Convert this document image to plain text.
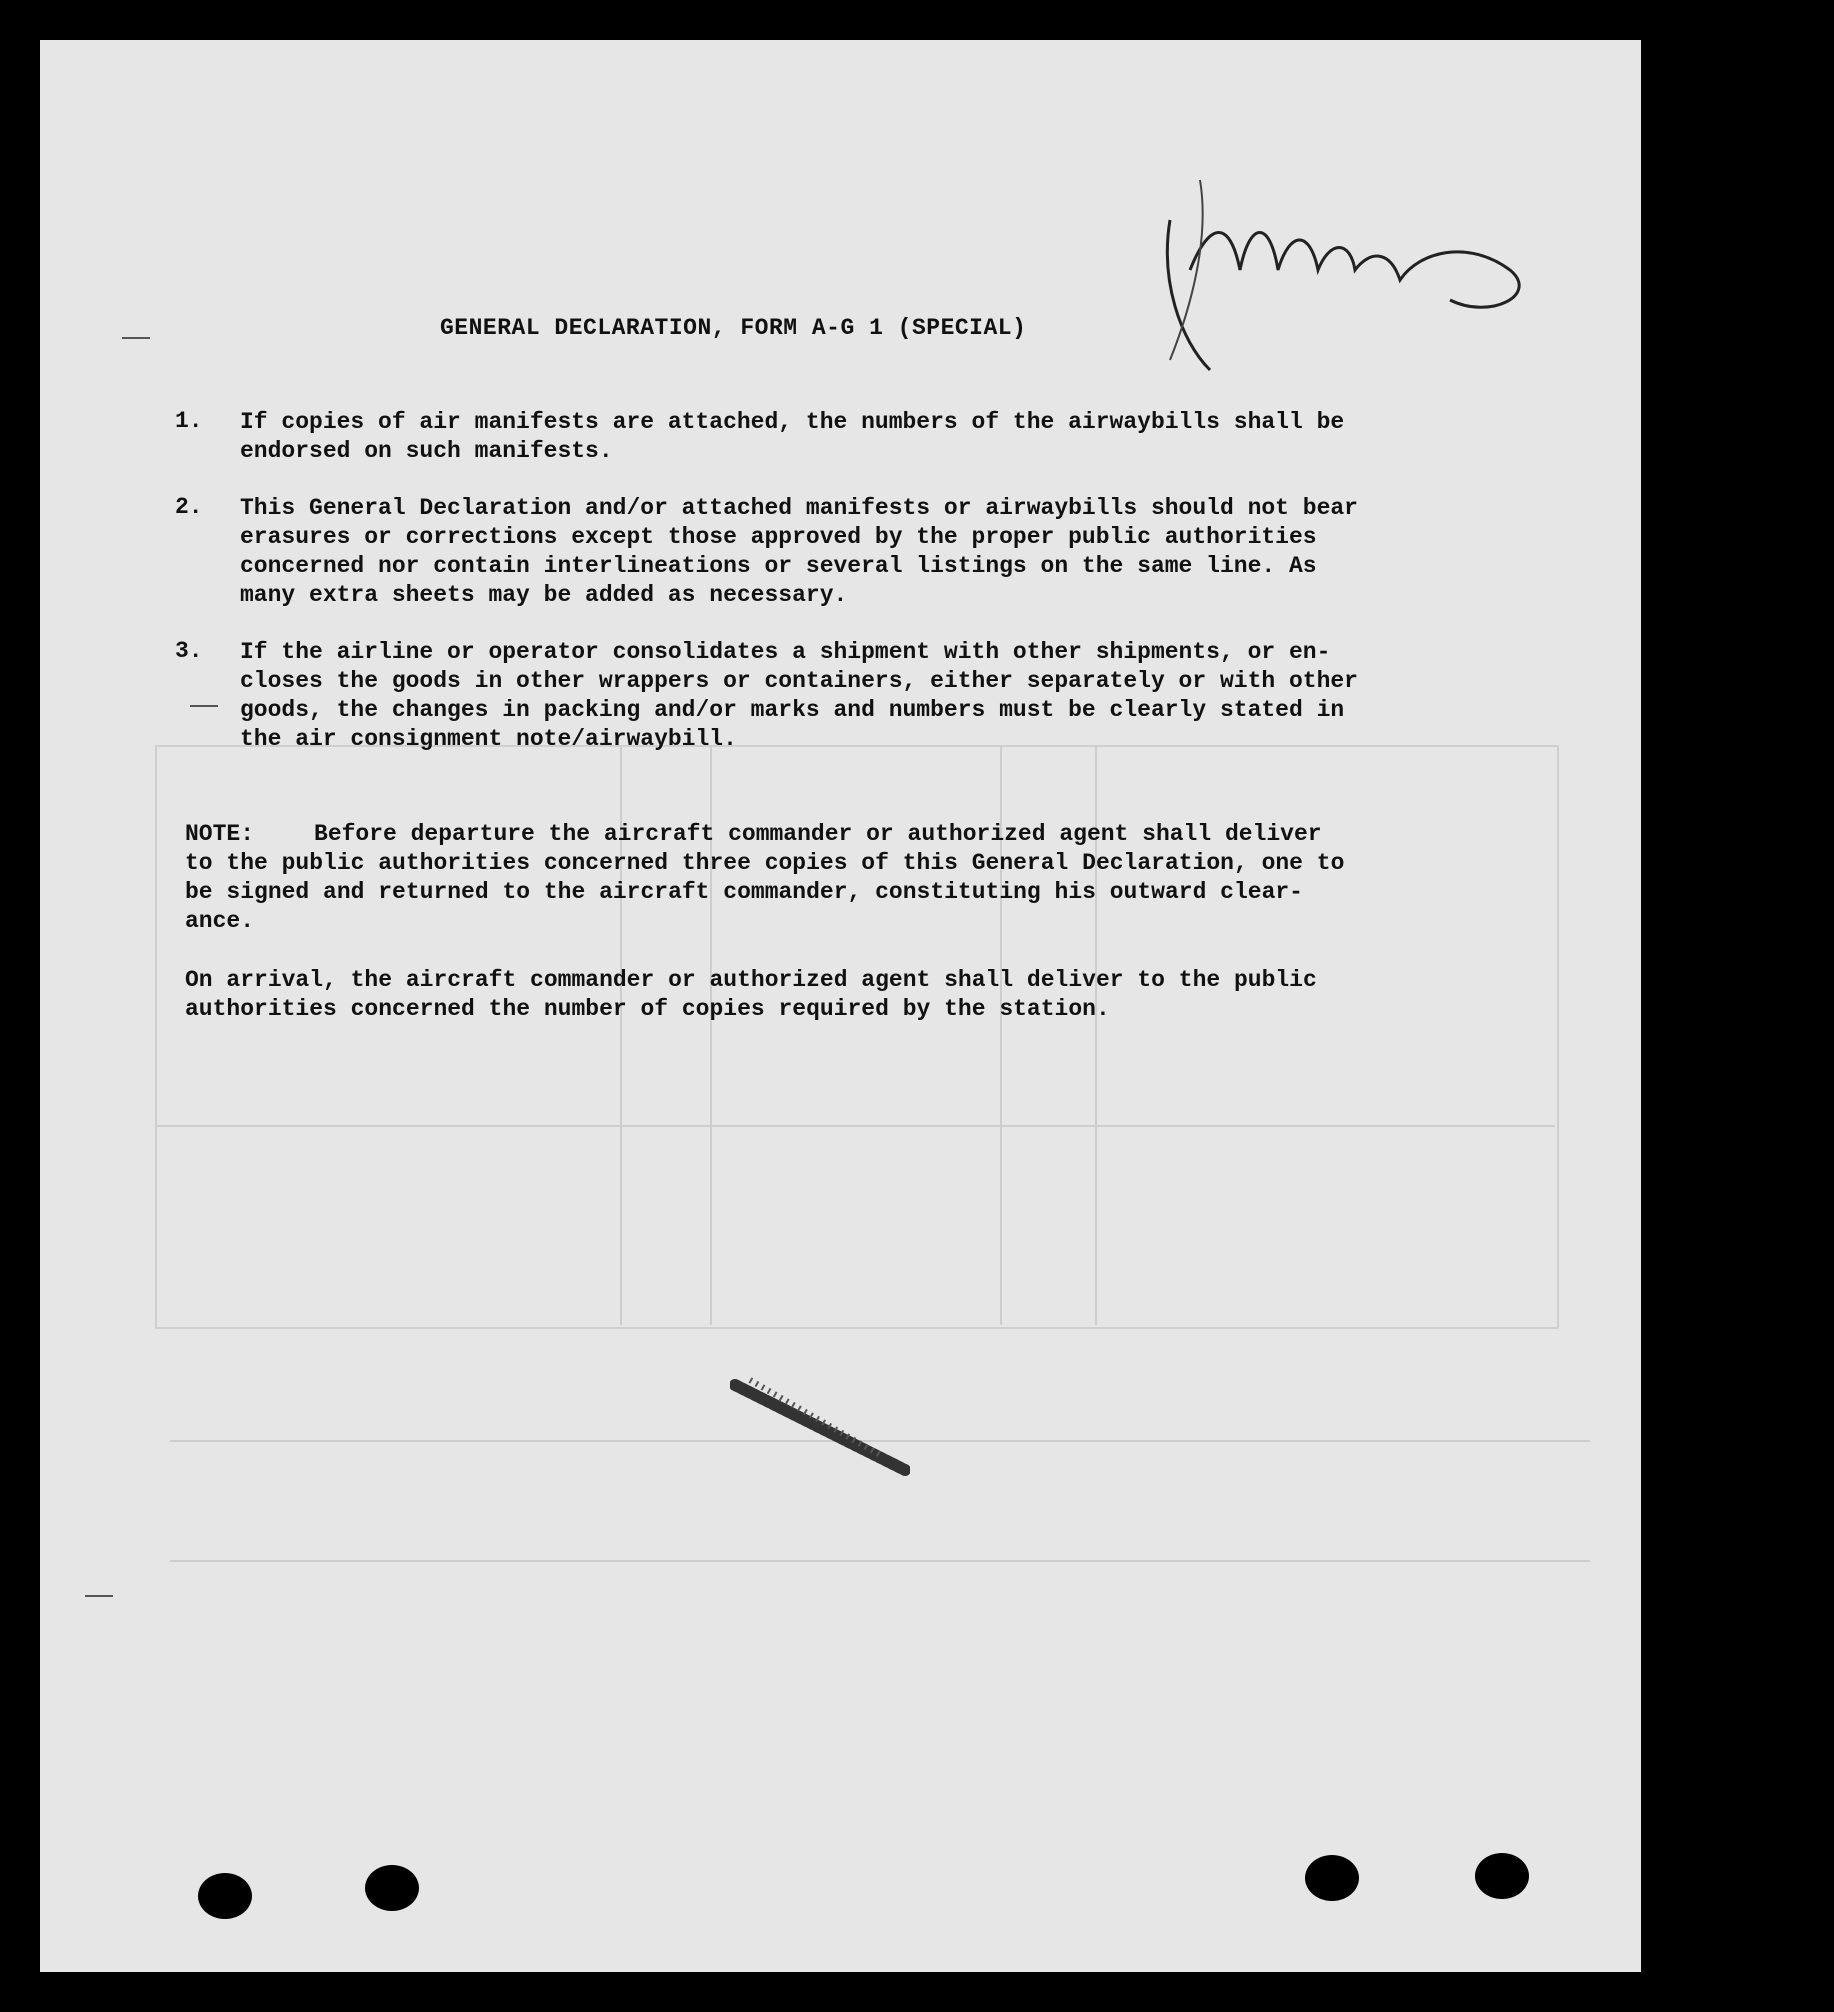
GENERAL DECLARATION, FORM A-G 1 (SPECIAL)
1.	If copies of air manifests are attached, the numbers of the airwaybills shall be
endorsed on such manifests.
2.	This General Declaration and/or attached manifests or airwaybills should not bear
erasures or corrections except those approved by the proper public authorities
concerned nor contain interlineations or several listings on the same line. As
many extra sheets may be added as necessary.
3.	If the airline or operator consolidates a shipment with other shipments, or en-
closes the goods in other wrappers or containers, either separately or with other
goods, the changes in packing and/or marks and numbers must be clearly stated in
the air consignment note/airwaybill.
NOTE:	Before departure the aircraft commander or authorized agent shall deliver
to the public authorities concerned three copies of this General Declaration, one to
be signed and returned to the aircraft commander, constituting his outward clear-
ance.
On arrival, the aircraft commander or authorized agent shall deliver to the public
authorities concerned the number of copies required by the station.
